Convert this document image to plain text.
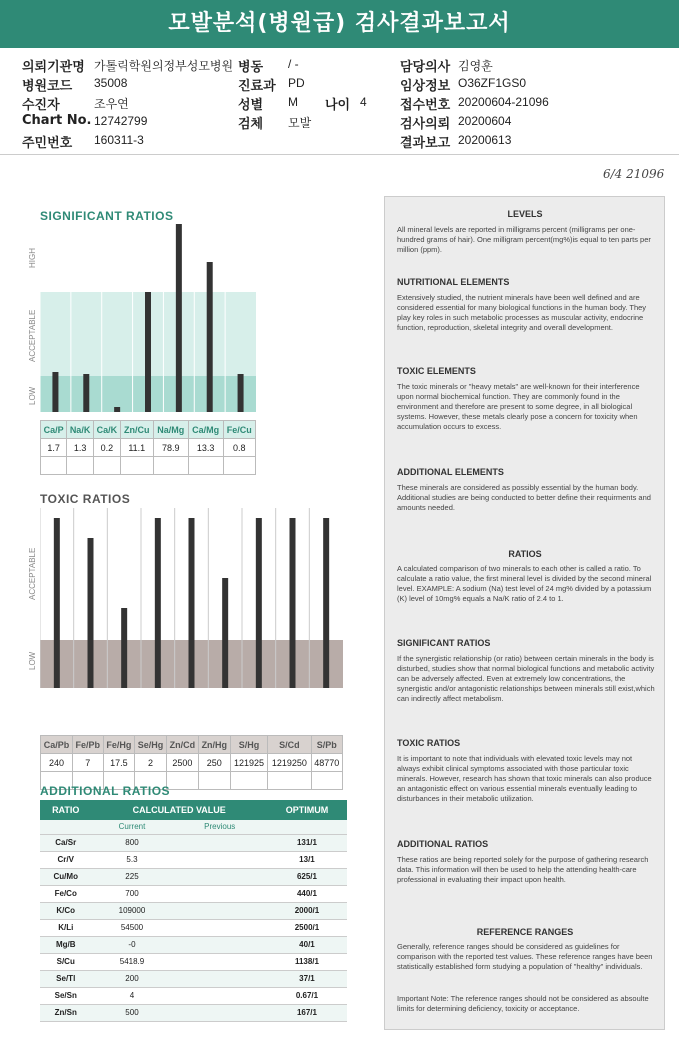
모발분석(병원급) 검사결과보고서
의뢰기관명 가톨릭학원의정부성모병원 병동 / -	담당의사 김영훈
병원코드 35008	진료과 PD	임상정보 O36ZF1GS0
수진자	조우연	성별 M 나이 4	접수번호 20200604-21096
Chart No. 12742799	검체 모발	검사의뢰 20200604
주민번호 160311-3	결과보고 20200613
6/4 21096
SIGNIFICANT RATIOS
HIGH
ACCEPTABLE
LOW
Ca/P	Na/K	Ca/K	Zn/Cu	Na/Mg	Ca/Mg	Fe/Cu
1.7	1.3	0.2	11.1	78.9	13.3	0.8

TOXIC RATIOS
ACCEPTABLE
LOW
Ca/Pb	Fe/Pb	Fe/Hg	Se/Hg	Zn/Cd	Zn/Hg	S/Hg	S/Cd	S/Pb
240	7	17.5	2	2500	250	121925	1219250	48770

ADDITIONAL RATIOS
RATIO	CALCULATED VALUE		OPTIMUM
	Current	Previous	
Ca/Sr	800		131/1
Cr/V	5.3		13/1
Cu/Mo	225		625/1
Fe/Co	700		440/1
K/Co	109000		2000/1
K/Li	54500		2500/1
Mg/B	-0		40/1
S/Cu	5418.9		1138/1
Se/Tl	200		37/1
Se/Sn	4		0.67/1
Zn/Sn	500		167/1
LEVELS
All mineral levels are reported in milligrams percent (milligrams per one-hundred grams of hair). One milligram percent(mg%)is equal to ten parts per million (ppm).
NUTRITIONAL ELEMENTS
Extensively studied, the nutrient minerals have been well defined and are considered essential for many biological functions in the human body. They play key roles in such metabolic processes as muscular activity, endocrine function, reproduction, skeletal integrity and overall development.
TOXIC ELEMENTS
The toxic minerals or "heavy metals" are well-known for their interference upon normal biochemical function. They are commonly found in the environment and therefore are present to some degree, in all biological systems. However, these metals clearly pose a concern for toxicity when accumulation occurs to excess.
ADDITIONAL ELEMENTS
These minerals are considered as possibly essential by the human body. Additional studies are being conducted to better define their requirments and amounts needed.
RATIOS
A calculated comparison of two minerals to each other is called a ratio. To calculate a ratio value, the first mineral level is divided by the second mineral level. EXAMPLE: A sodium (Na) test level of 24 mg% divided by a potassium (K) level of 10mg% equals a Na/K ratio of 2.4 to 1.
SIGNIFICANT RATIOS
If the synergistic relationship (or ratio) between certain minerals in the body is disturbed, studies show that normal biological functions and metabolic activity can be adversely affected. Even at extremely low concentrations, the synergistic and/or antagonistic relationships between minerals still exist,which can indirectly affect metabolism.
TOXIC RATIOS
It is important to note that individuals with elevated toxic levels may not always exhibit clinical symptoms associated with those particular toxic minerals. However, research has shown that toxic minerals can also produce an antagonistic effect on various essential minerals eventually leading to disturbances in their metabolic utilization.
ADDITIONAL RATIOS
These ratios are being reported solely for the purpose of gathering research data. This information will then be used to help the attending health-care professional in evaluating their impact upon health.
REFERENCE RANGES
Generally, reference ranges should be considered as guidelines for comparison with the reported test values. These reference ranges have been statistically established form studying a population of "healthy" individuals.
Important Note: The reference ranges should not be considered as absoulte limits for determining deficiency, toxicity or acceptance.
